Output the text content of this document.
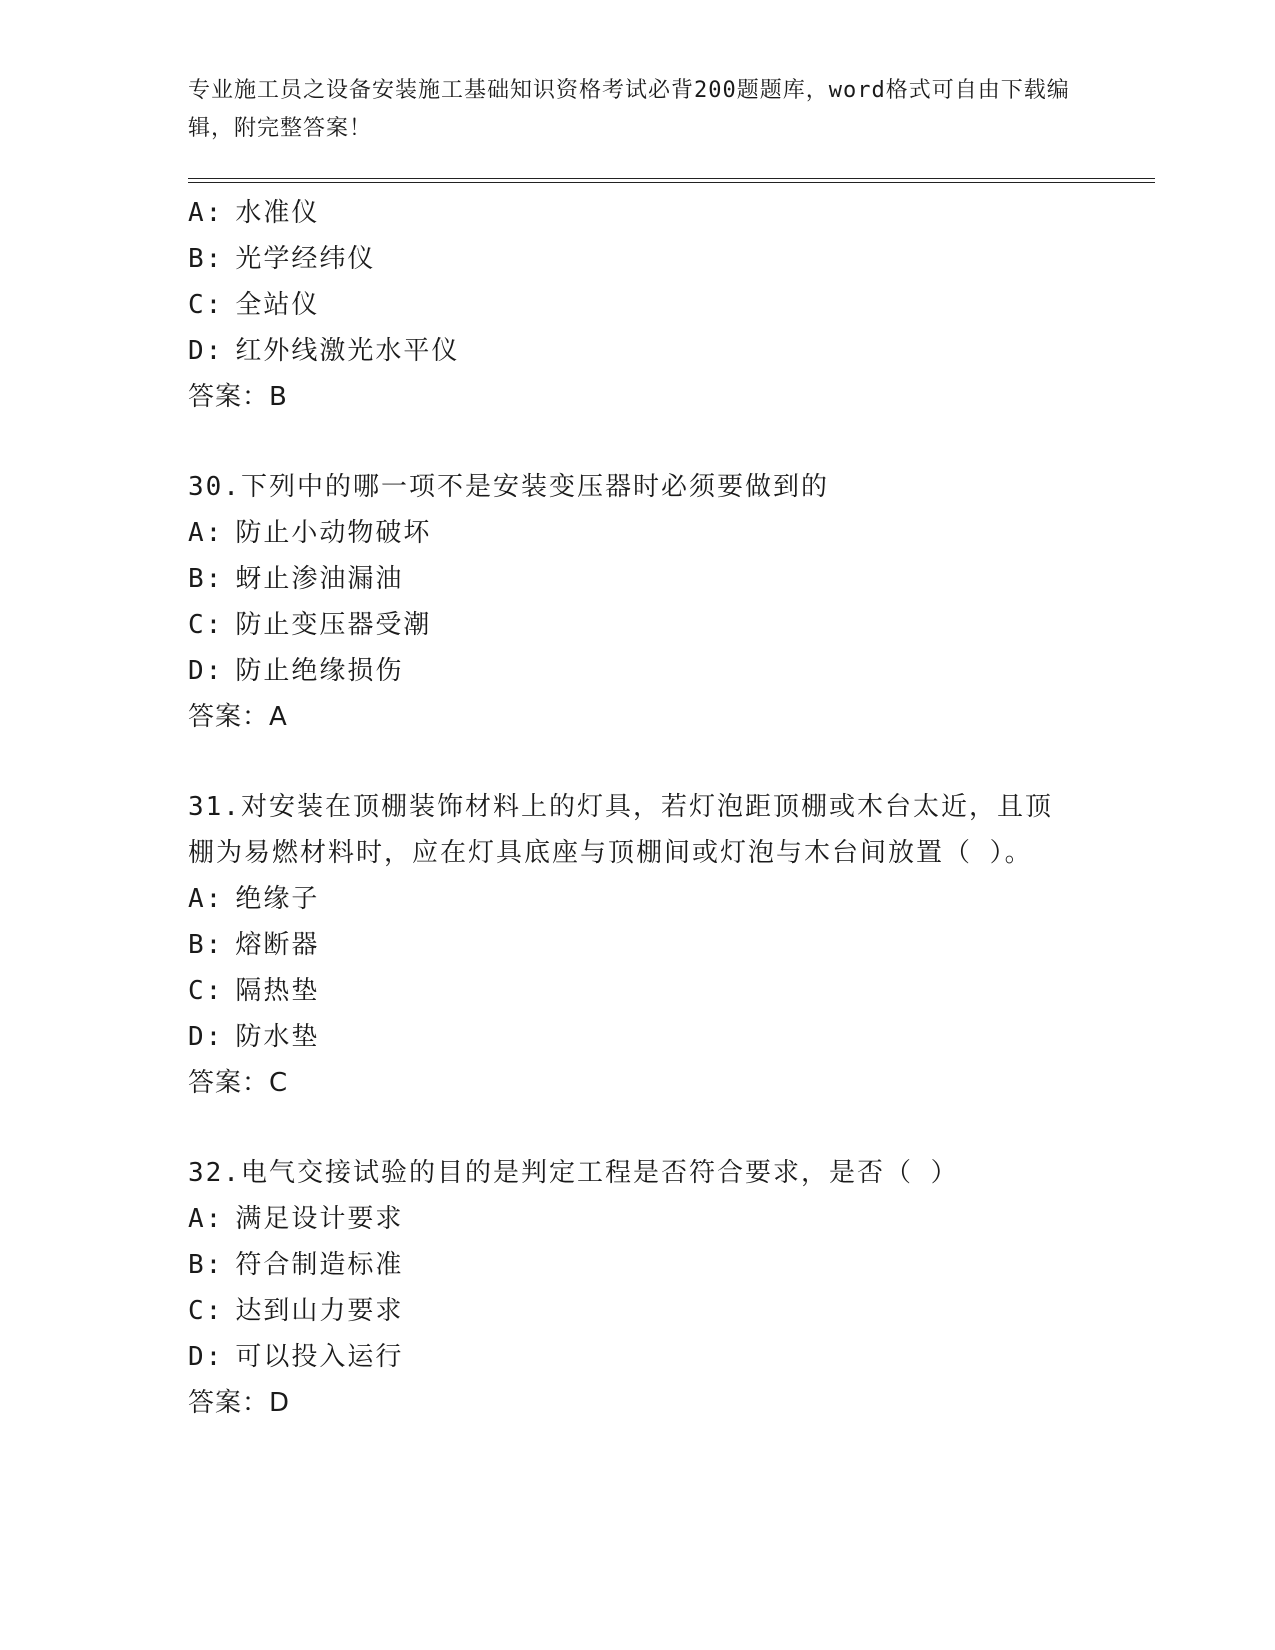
专业施工员之设备安装施工基础知识资格考试必背200题题库，word格式可自由下载编辑，附完整答案！
A: 水准仪
B: 光学经纬仪
C: 全站仪
D: 红外线激光水平仪
答案：B
30.下列中的哪一项不是安装变压器时必须要做到的
A: 防止小动物破坏
B: 蚜止渗油漏油
C: 防止变压器受潮
D: 防止绝缘损伤
答案：A
31.对安装在顶棚装饰材料上的灯具，若灯泡距顶棚或木台太近，且顶
棚为易燃材料时，应在灯具底座与顶棚间或灯泡与木台间放置（ ）。
A: 绝缘子
B: 熔断器
C: 隔热垫
D: 防水垫
答案：C
32.电气交接试验的目的是判定工程是否符合要求，是否（ ）
A: 满足设计要求
B: 符合制造标准
C: 达到山力要求
D: 可以投入运行
答案：D
